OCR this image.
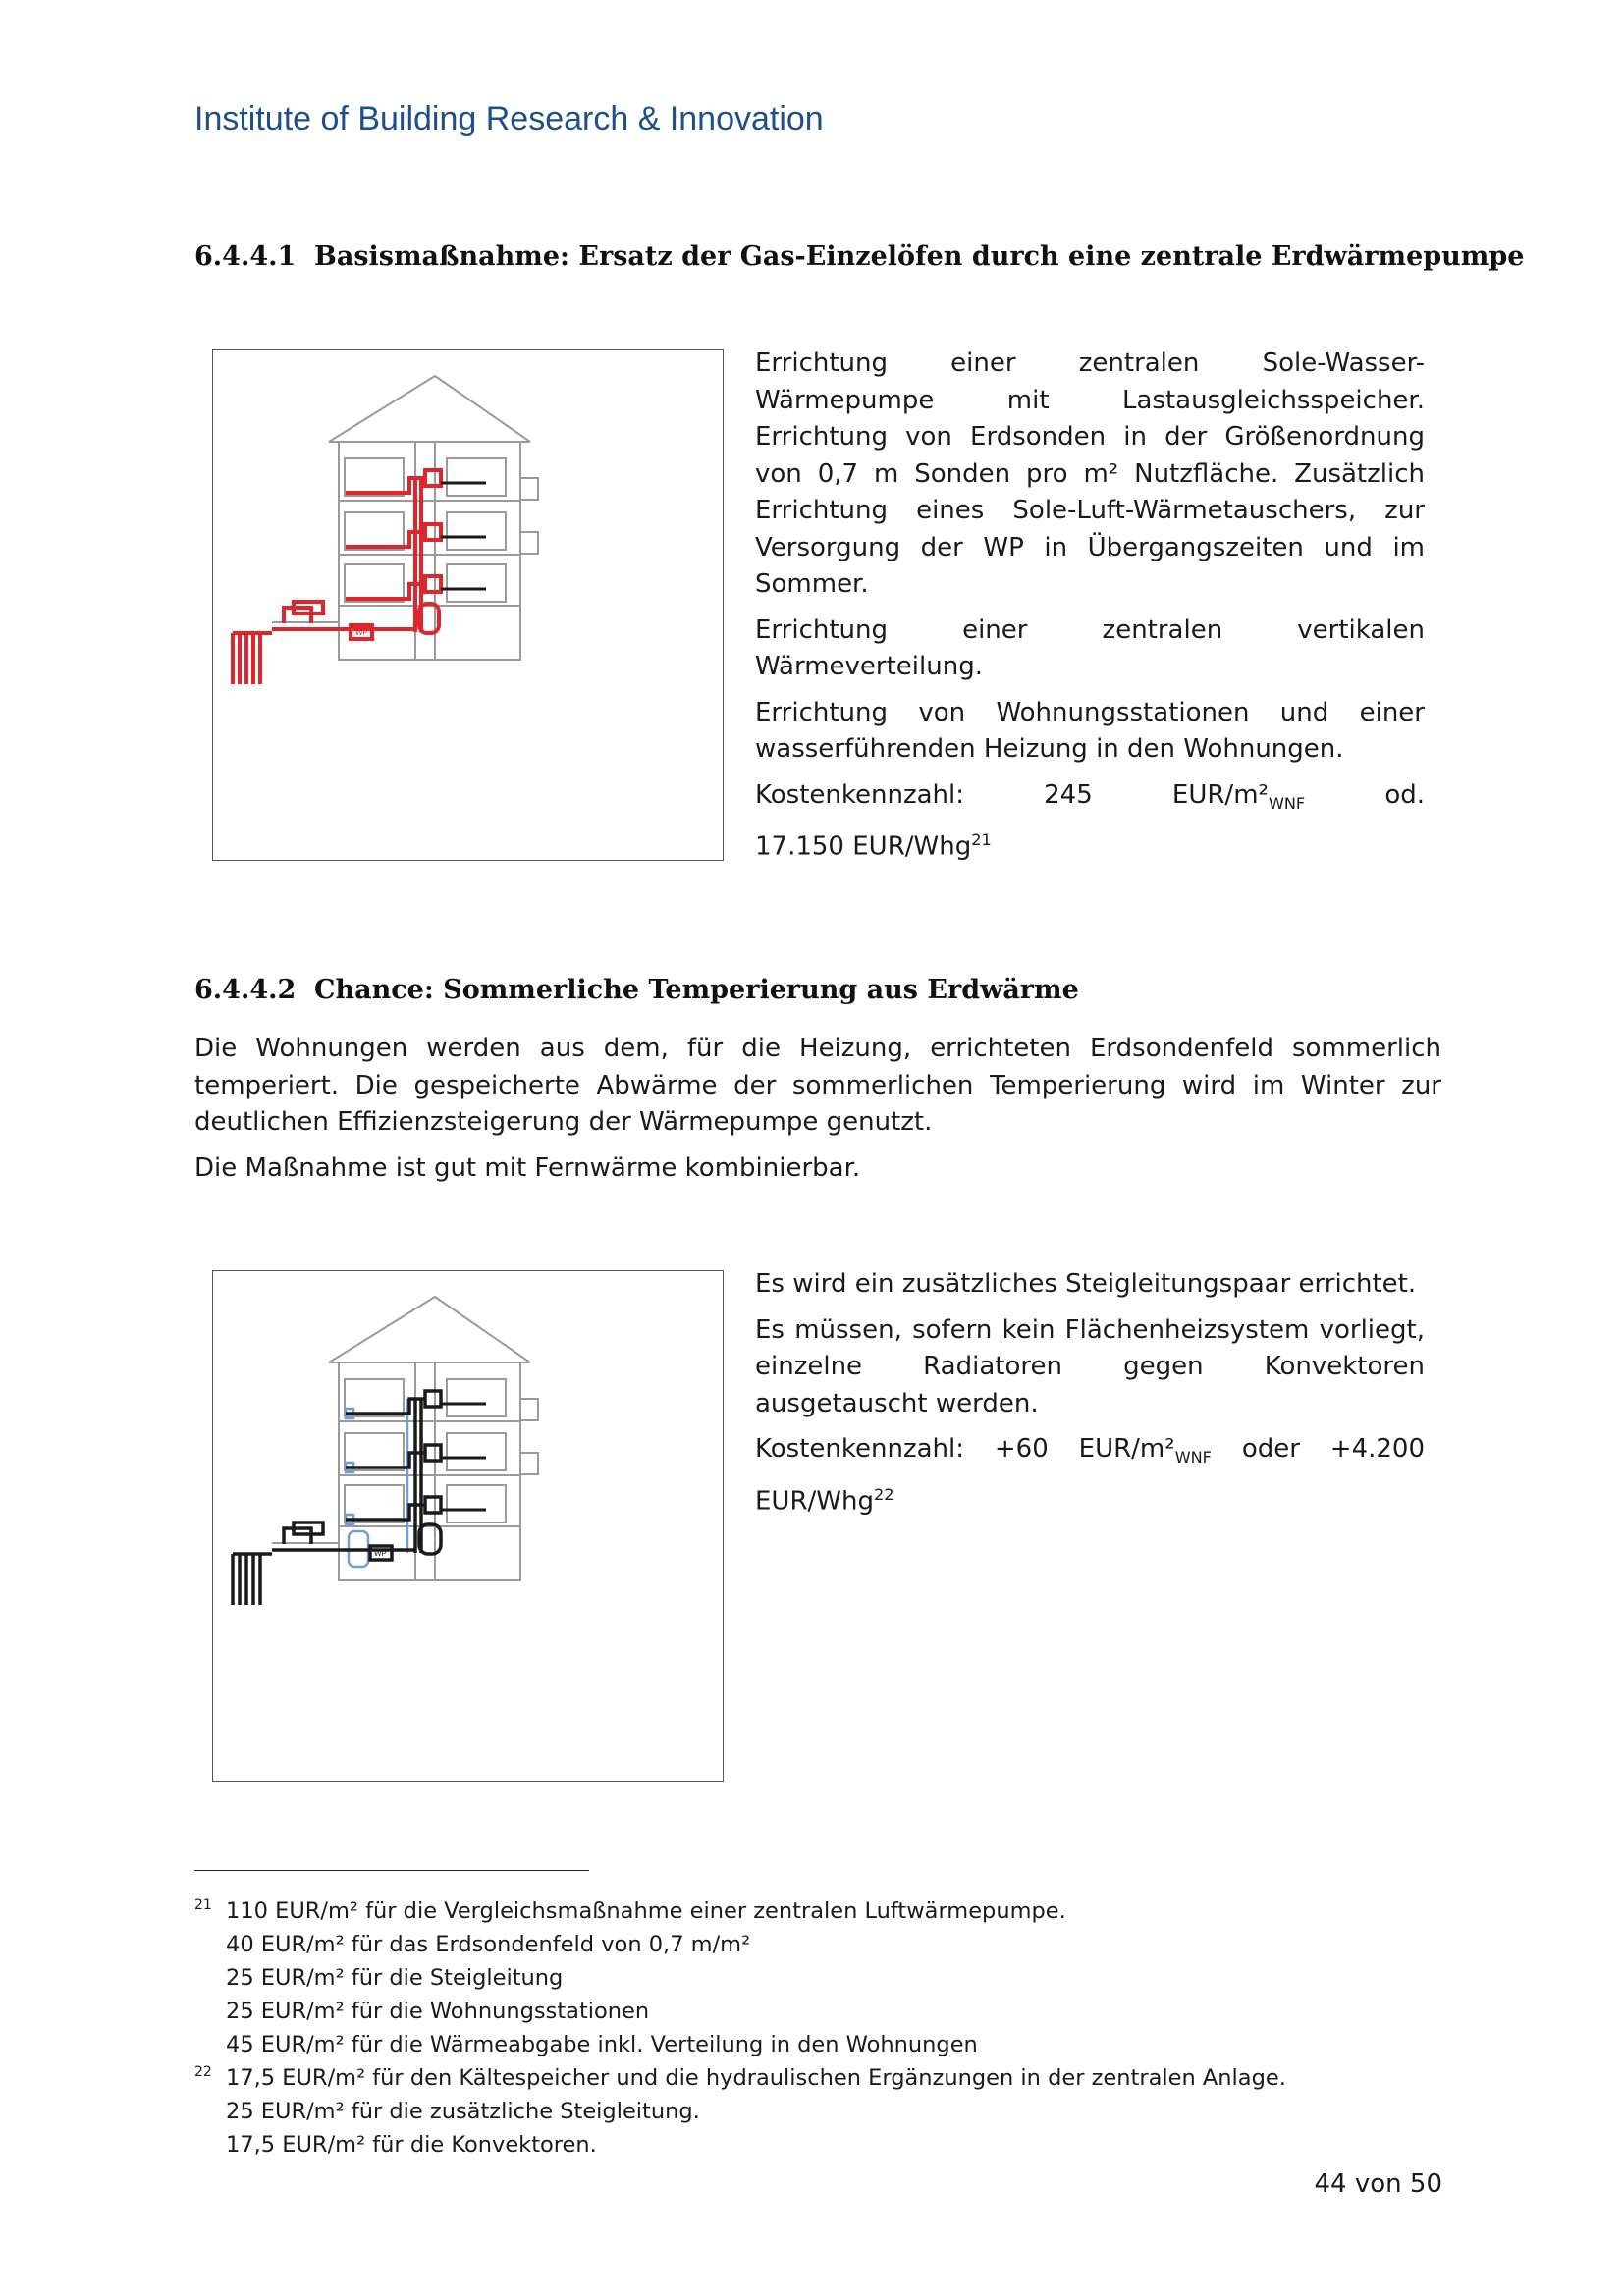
Institute of Building Research & Innovation
6.4.4.1 Basismaßnahme: Ersatz der Gas-Einzelöfen durch eine zentrale Erdwärmepumpe
WP

Errichtung einer zentralen Sole-Wasser-Wärmepumpe mit Lastausgleichsspeicher. Errichtung von Erdsonden in der Größenordnung von 0,7 m Sonden pro m² Nutzfläche. Zusätzlich Errichtung eines Sole-Luft-Wärmetauschers, zur Versorgung der WP in Übergangszeiten und im Sommer.

Errichtung einer zentralen vertikalen Wärmeverteilung.

Errichtung von Wohnungsstationen und einer wasserführenden Heizung in den Wohnungen.

Kostenkennzahl:	245	EUR/$m^2_{WNF}$	od.

17.150 EUR/Whg$^{21}$

6.4.4.2 Chance: Sommerliche Temperierung aus Erdwärme

Die Wohnungen werden aus dem, für die Heizung, errichteten Erdsondenfeld sommerlich temperiert. Die gespeicherte Abwärme der sommerlichen Temperierung wird im Winter zur deutlichen Effizienzsteigerung der Wärmepumpe genutzt.

Die Maßnahme ist gut mit Fernwärme kombinierbar.

WP

Es wird ein zusätzliches Steigleitungspaar errichtet.

Es müssen, sofern kein Flächenheizsystem vorliegt, einzelne Radiatoren gegen Konvektoren ausgetauscht werden.

Kostenkennzahl: +60 EUR/$m^2_{WNF}$ oder +4.200

EUR/Whg$^{22}$

21 110 EUR/m² für die Vergleichsmaßnahme einer zentralen Luftwärmepumpe.
40 EUR/m² für das Erdsondenfeld von 0,7 m/m²
25 EUR/m² für die Steigleitung
25 EUR/m² für die Wohnungsstationen
45 EUR/m² für die Wärmeabgabe inkl. Verteilung in den Wohnungen
22 17,5 EUR/m² für den Kältespeicher und die hydraulischen Ergänzungen in der zentralen Anlage.
25 EUR/m² für die zusätzliche Steigleitung.
17,5 EUR/m² für die Konvektoren.
44 von 50
